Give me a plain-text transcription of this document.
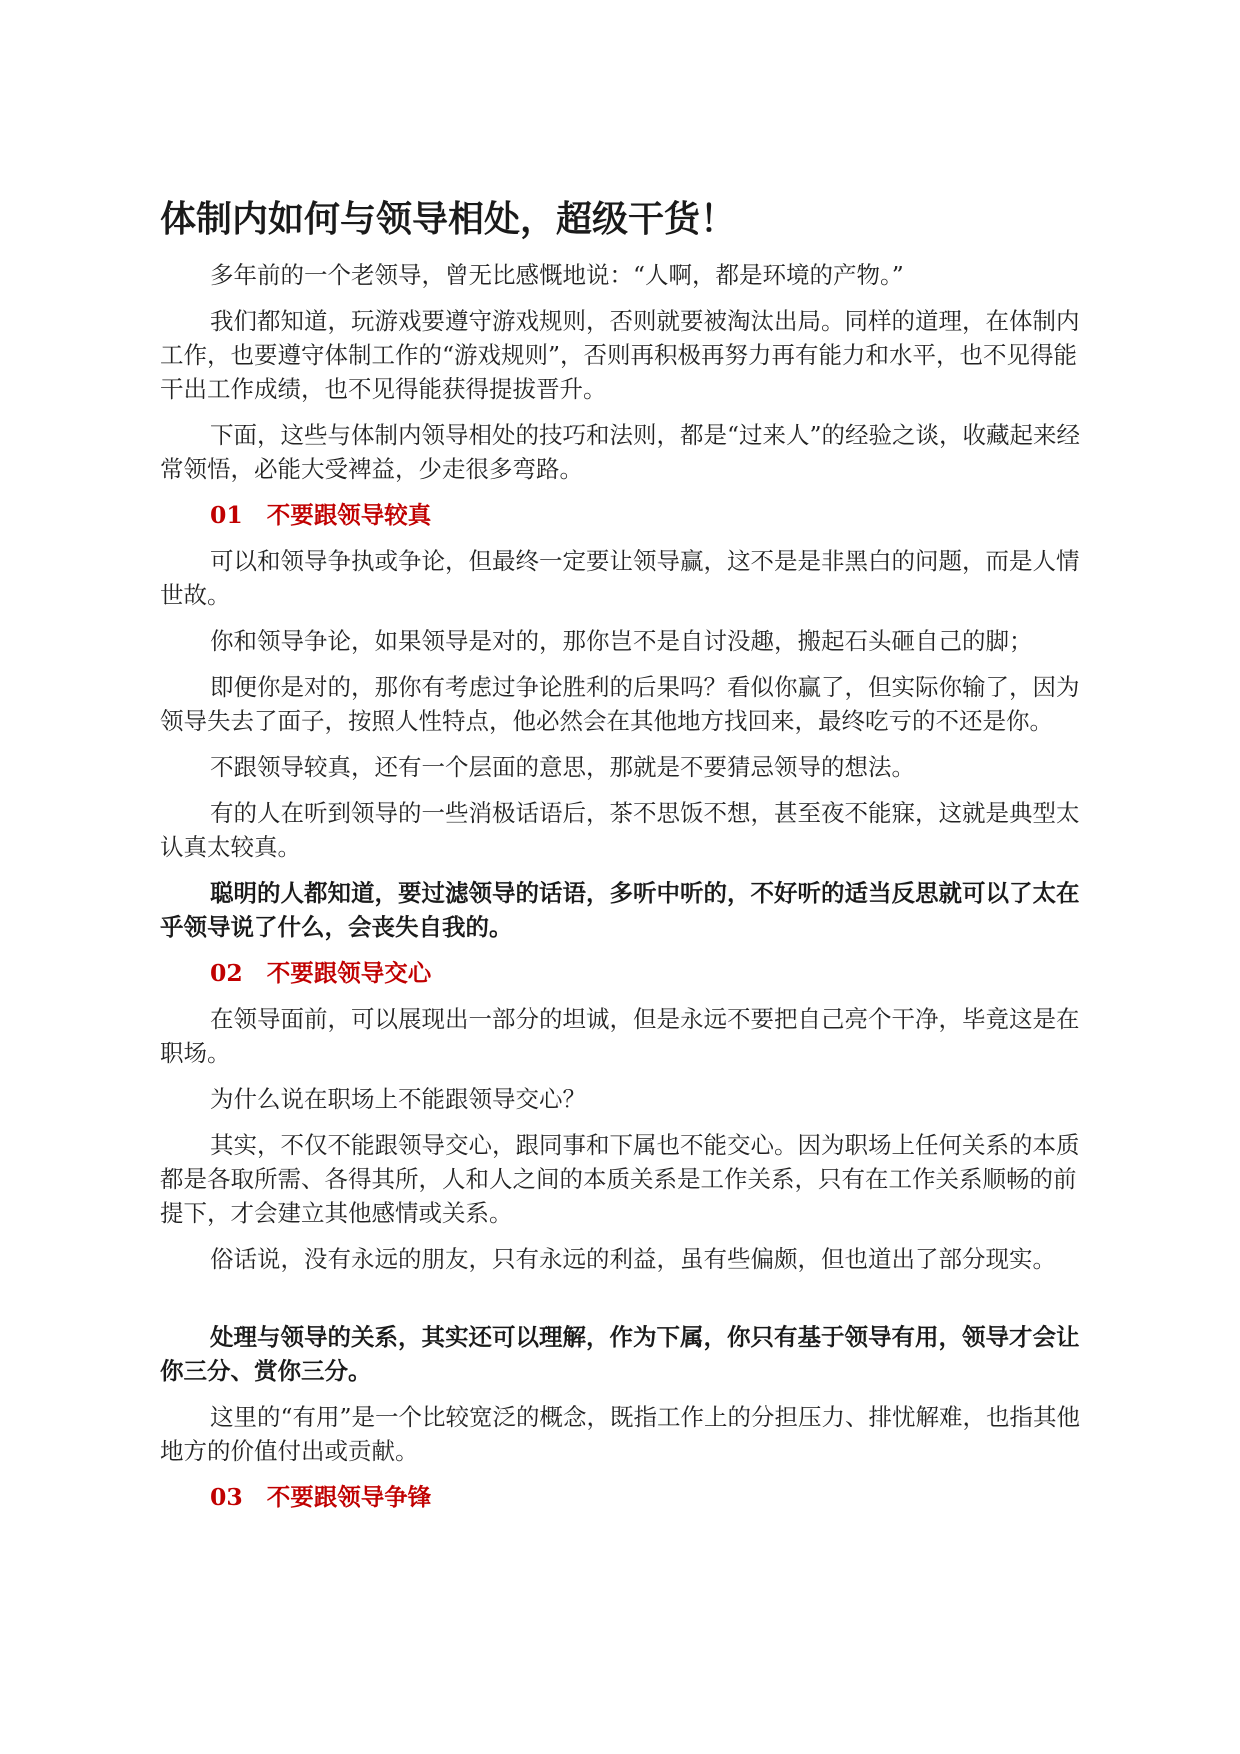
体制内如何与领导相处，超级干货！

多年前的一个老领导，曾无比感慨地说：“人啊，都是环境的产物。”

我们都知道，玩游戏要遵守游戏规则，否则就要被淘汰出局。同样的道理，在体制内工作，也要遵守体制工作的“游戏规则”，否则再积极再努力再有能力和水平，也不见得能干出工作成绩，也不见得能获得提拔晋升。

下面，这些与体制内领导相处的技巧和法则，都是“过来人”的经验之谈，收藏起来经常领悟，必能大受裨益，少走很多弯路。

01 不要跟领导较真

可以和领导争执或争论，但最终一定要让领导赢，这不是是非黑白的问题，而是人情世故。

你和领导争论，如果领导是对的，那你岂不是自讨没趣，搬起石头砸自己的脚；

即便你是对的，那你有考虑过争论胜利的后果吗？看似你赢了，但实际你输了，因为领导失去了面子，按照人性特点，他必然会在其他地方找回来，最终吃亏的不还是你。

不跟领导较真，还有一个层面的意思，那就是不要猜忌领导的想法。

有的人在听到领导的一些消极话语后，茶不思饭不想，甚至夜不能寐，这就是典型太认真太较真。

聪明的人都知道，要过滤领导的话语，多听中听的，不好听的适当反思就可以了太在乎领导说了什么，会丧失自我的。

02 不要跟领导交心

在领导面前，可以展现出一部分的坦诚，但是永远不要把自己亮个干净，毕竟这是在职场。

为什么说在职场上不能跟领导交心？

其实，不仅不能跟领导交心，跟同事和下属也不能交心。因为职场上任何关系的本质都是各取所需、各得其所，人和人之间的本质关系是工作关系，只有在工作关系顺畅的前提下，才会建立其他感情或关系。

俗话说，没有永远的朋友，只有永远的利益，虽有些偏颇，但也道出了部分现实。

处理与领导的关系，其实还可以理解，作为下属，你只有基于领导有用，领导才会让你三分、赏你三分。

这里的“有用”是一个比较宽泛的概念，既指工作上的分担压力、排忧解难，也指其他地方的价值付出或贡献。

03 不要跟领导争锋
